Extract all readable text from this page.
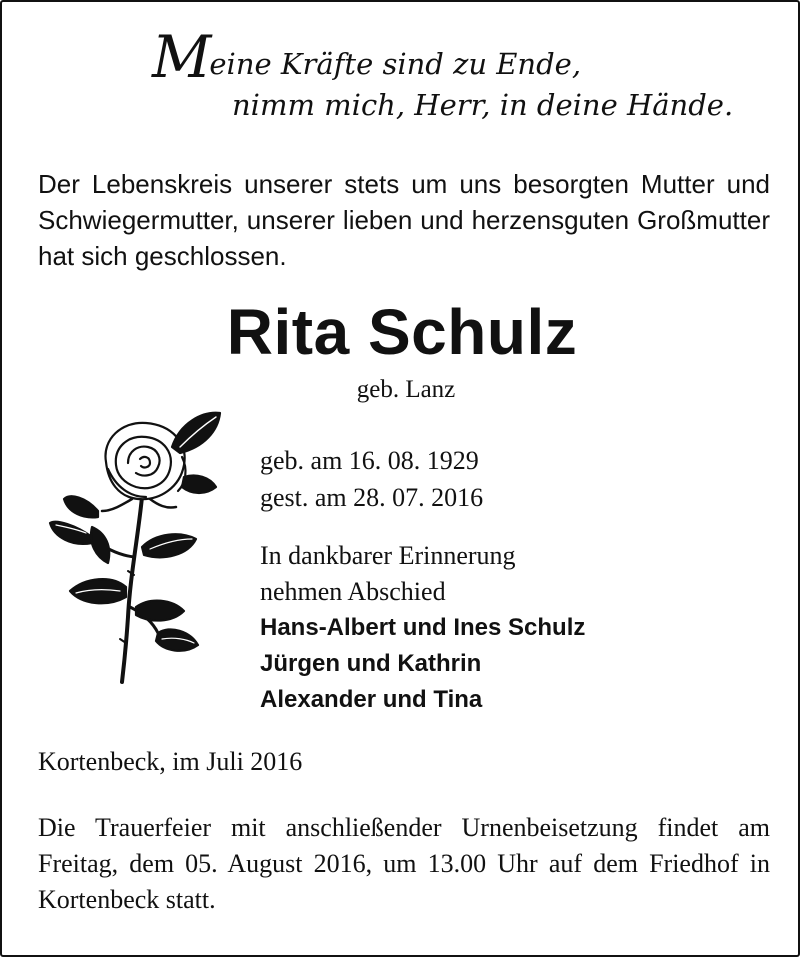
Meine Kräfte sind zu Ende,
nimm mich, Herr, in deine Hände.
Der Lebenskreis unserer stets um uns besorgten Mutter und Schwiegermutter, unserer lieben und herzensguten Großmutter hat sich geschlossen.
Rita Schulz
geb. Lanz
geb. am 16. 08. 1929
gest. am 28. 07. 2016
In dankbarer Erinnerung
nehmen Abschied
Hans-Albert und Ines Schulz
Jürgen und Kathrin
Alexander und Tina
Kortenbeck, im Juli 2016
Die Trauerfeier mit anschließender Urnenbeisetzung findet am Freitag, dem 05. August 2016, um 13.00 Uhr auf dem Friedhof in Kortenbeck statt.
